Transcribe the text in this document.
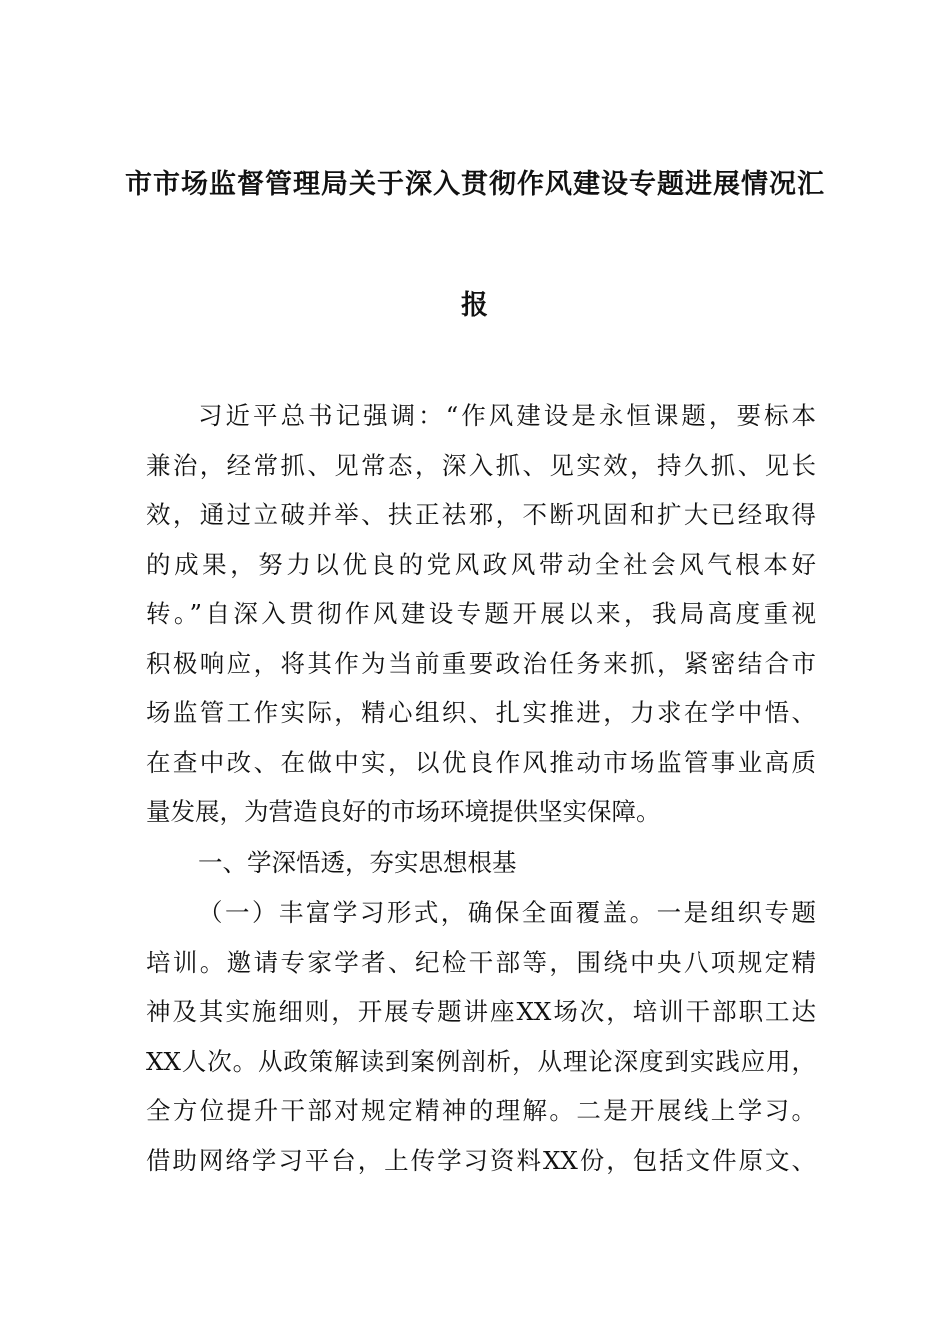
市市场监督管理局关于深入贯彻作风建设专题进展情况汇
报
习近平总书记强调：“作风建设是永恒课题，要标本
兼治，经常抓、见常态，深入抓、见实效，持久抓、见长
效，通过立破并举、扶正祛邪，不断巩固和扩大已经取得
的成果，努力以优良的党风政风带动全社会风气根本好
转。”自深入贯彻作风建设专题开展以来，我局高度重视
积极响应，将其作为当前重要政治任务来抓，紧密结合市
场监管工作实际，精心组织、扎实推进，力求在学中悟、
在查中改、在做中实，以优良作风推动市场监管事业高质
量发展，为营造良好的市场环境提供坚实保障。
一、学深悟透，夯实思想根基
（一）丰富学习形式，确保全面覆盖。一是组织专题
培训。邀请专家学者、纪检干部等，围绕中央八项规定精
神及其实施细则，开展专题讲座XX场次，培训干部职工达
XX人次。从政策解读到案例剖析，从理论深度到实践应用，
全方位提升干部对规定精神的理解。二是开展线上学习。
借助网络学习平台，上传学习资料XX份，包括文件原文、
